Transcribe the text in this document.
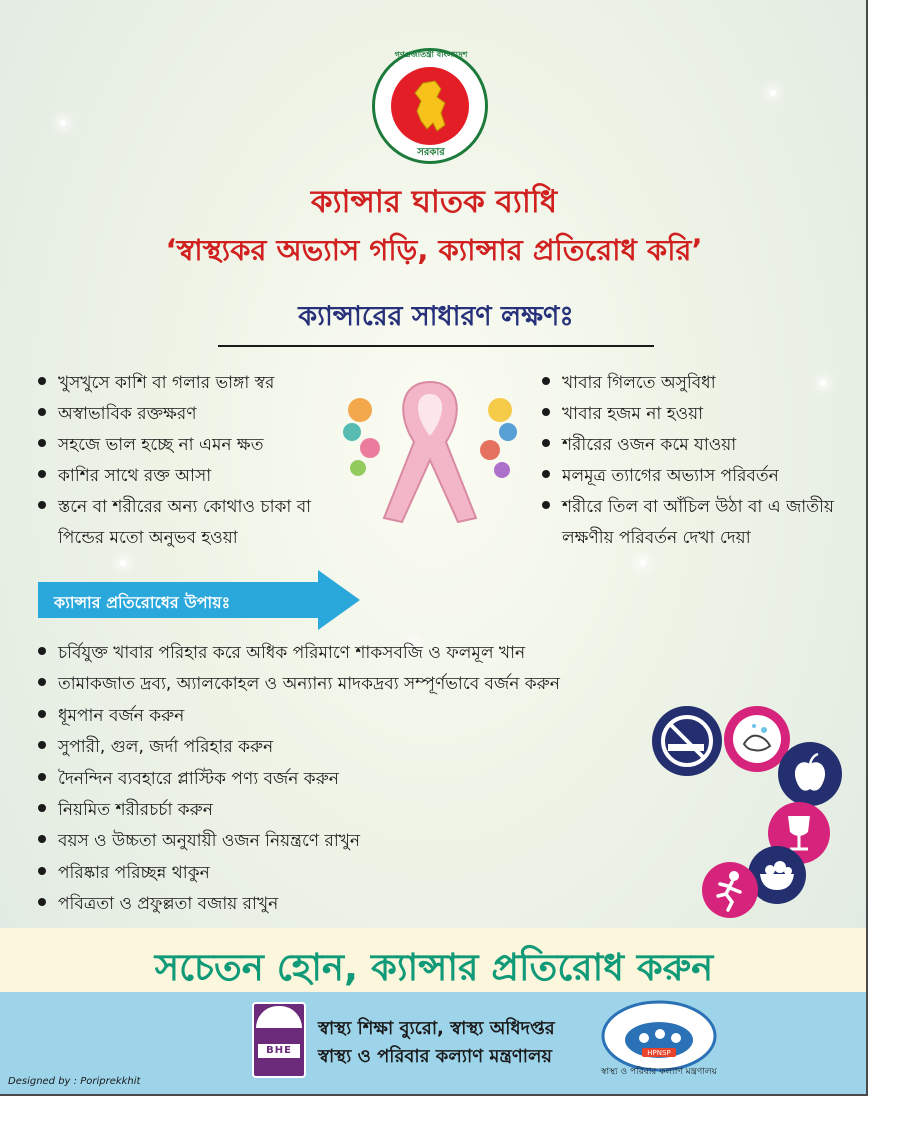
গণপ্রজাতন্ত্রী বাংলাদেশ
সরকার
ক্যান্সার ঘাতক ব্যাধি
‘স্বাস্থ্যকর অভ্যাস গড়ি, ক্যান্সার প্রতিরোধ করি’
ক্যান্সারের সাধারণ লক্ষণঃ
খুসখুসে কাশি বা গলার ভাঙ্গা স্বর
অস্বাভাবিক রক্তক্ষরণ
সহজে ভাল হচ্ছে না এমন ক্ষত
কাশির সাথে রক্ত আসা
স্তনে বা শরীরের অন্য কোথাও চাকা বা পিন্ডের মতো অনুভব হওয়া
খাবার গিলতে অসুবিধা
খাবার হজম না হওয়া
শরীরের ওজন কমে যাওয়া
মলমূত্র ত্যাগের অভ্যাস পরিবর্তন
শরীরে তিল বা আঁচিল উঠা বা এ জাতীয় লক্ষণীয় পরিবর্তন দেখা দেয়া
ক্যান্সার প্রতিরোধের উপায়ঃ
চর্বিযুক্ত খাবার পরিহার করে অধিক পরিমাণে শাকসবজি ও ফলমূল খান
তামাকজাত দ্রব্য, অ্যালকোহল ও অন্যান্য মাদকদ্রব্য সম্পূর্ণভাবে বর্জন করুন
ধূমপান বর্জন করুন
সুপারী, গুল, জর্দা পরিহার করুন
দৈনন্দিন ব্যবহারে প্লাস্টিক পণ্য বর্জন করুন
নিয়মিত শরীরচর্চা করুন
বয়স ও উচ্চতা অনুযায়ী ওজন নিয়ন্ত্রণে রাখুন
পরিষ্কার পরিচ্ছন্ন থাকুন
পবিত্রতা ও প্রফুল্লতা বজায় রাখুন
সচেতন হোন, ক্যান্সার প্রতিরোধ করুন
BHE
স্বাস্থ্য শিক্ষা ব্যুরো, স্বাস্থ্য অধিদপ্তর
স্বাস্থ্য ও পরিবার কল্যাণ মন্ত্রণালয়	HPNSP
স্বাস্থ্য ও পরিবার কল্যাণ মন্ত্রণালয়
Designed by : Poriprekkhit
